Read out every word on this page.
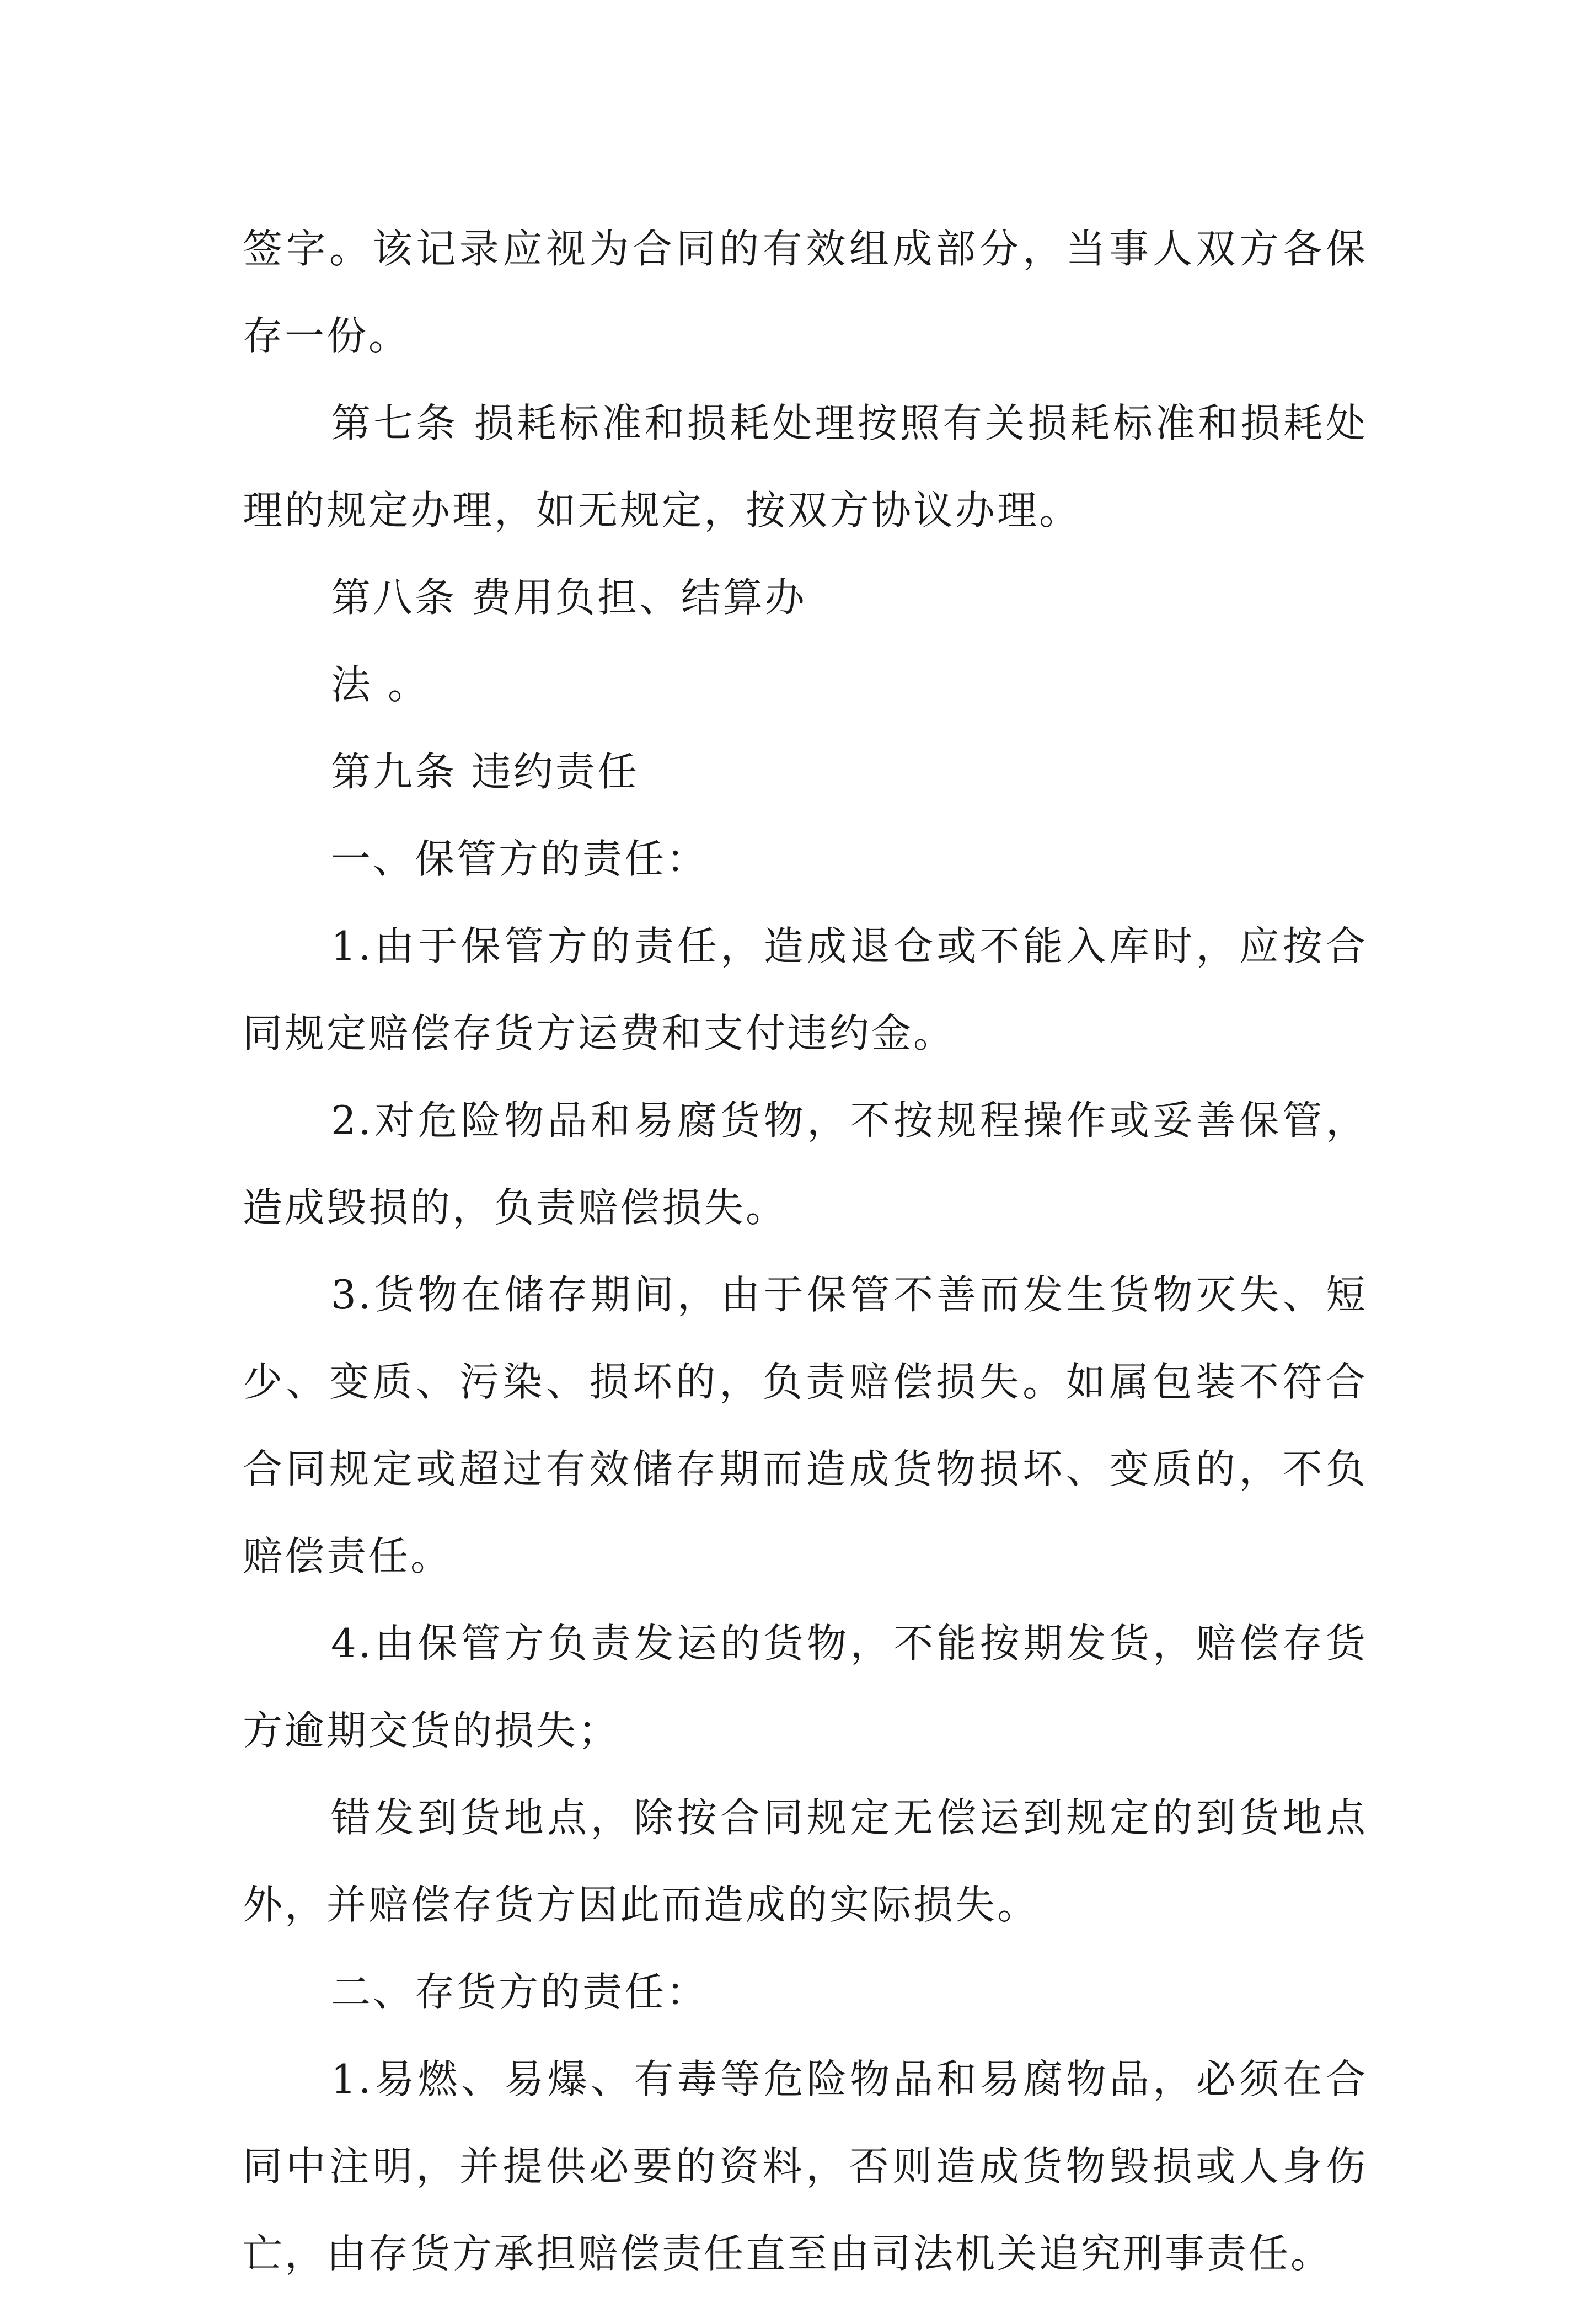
签字。该记录应视为合同的有效组成部分，当事人双方各保存一份。

第七条 损耗标准和损耗处理按照有关损耗标准和损耗处理的规定办理，如无规定，按双方协议办理。

第八条 费用负担、结算办

法 。

第九条 违约责任

一、保管方的责任：

1.由于保管方的责任，造成退仓或不能入库时，应按合同规定赔偿存货方运费和支付违约金。

2.对危险物品和易腐货物，不按规程操作或妥善保管，造成毁损的，负责赔偿损失。

3.货物在储存期间，由于保管不善而发生货物灭失、短少、变质、污染、损坏的，负责赔偿损失。如属包装不符合合同规定或超过有效储存期而造成货物损坏、变质的，不负赔偿责任。

4.由保管方负责发运的货物，不能按期发货，赔偿存货方逾期交货的损失；

错发到货地点，除按合同规定无偿运到规定的到货地点外，并赔偿存货方因此而造成的实际损失。

二、存货方的责任：

1.易燃、易爆、有毒等危险物品和易腐物品，必须在合同中注明，并提供必要的资料，否则造成货物毁损或人身伤亡，由存货方承担赔偿责任直至由司法机关追究刑事责任。
